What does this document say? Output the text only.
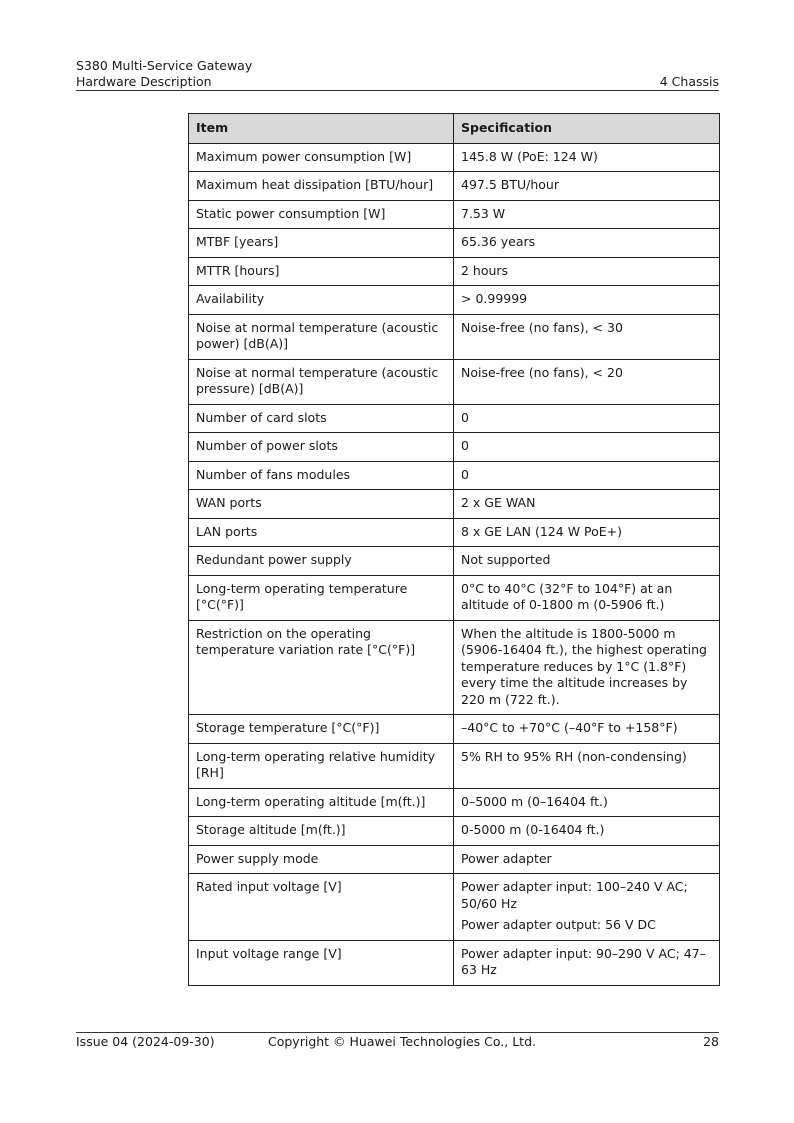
S380 Multi-Service Gateway
Hardware Description	4 Chassis
Item	Specification
Maximum power consumption [W]	145.8 W (PoE: 124 W)

Maximum heat dissipation [BTU/hour]	497.5 BTU/hour

Static power consumption [W]	7.53 W

MTBF [years]	65.36 years

MTTR [hours]	2 hours

Availability	> 0.99999

Noise at normal temperature (acoustic power) [dB(A)]	Noise-free (no fans), < 30

Noise at normal temperature (acoustic pressure) [dB(A)]	Noise-free (no fans), < 20

Number of card slots	0

Number of power slots	0

Number of fans modules	0

WAN ports	2 x GE WAN

LAN ports	8 x GE LAN (124 W PoE+)

Redundant power supply	Not supported

Long-term operating temperature [°C(°F)]	0°C to 40°C (32°F to 104°F) at an altitude of 0-1800 m (0-5906 ft.)

Restriction on the operating temperature variation rate [°C(°F)]	When the altitude is 1800-5000 m (5906-16404 ft.), the highest operating temperature reduces by 1°C (1.8°F) every time the altitude increases by 220 m (722 ft.).

Storage temperature [°C(°F)]	–40°C to +70°C (–40°F to +158°F)

Long-term operating relative humidity [RH]	5% RH to 95% RH (non-condensing)

Long-term operating altitude [m(ft.)]	0–5000 m (0–16404 ft.)

Storage altitude [m(ft.)]	0-5000 m (0-16404 ft.)

Power supply mode	Power adapter

Rated input voltage [V]	Power adapter input: 100–240 V AC; 50/60 Hz
Power adapter output: 56 V DC

Input voltage range [V]	Power adapter input: 90–290 V AC; 47–63 Hz
Issue 04 (2024-09-30)	Copyright © Huawei Technologies Co., Ltd.	28
